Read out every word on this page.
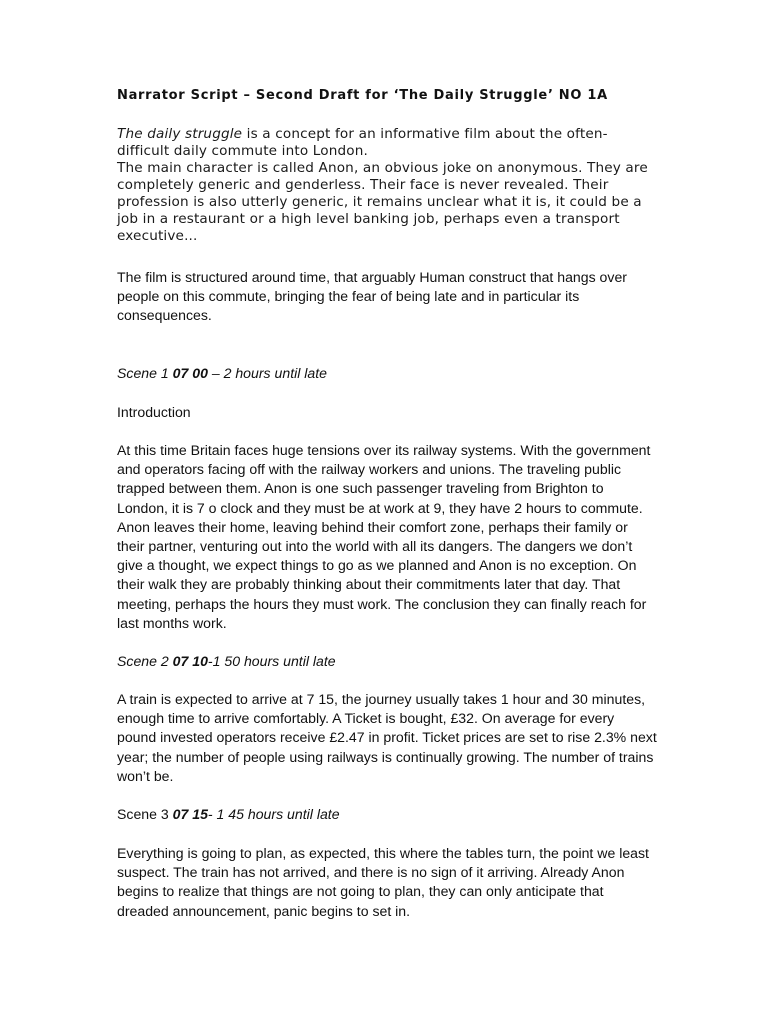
Narrator Script – Second Draft for ‘The Daily Struggle’ NO 1A

The daily struggle is a concept for an informative film about the often-difficult daily commute into London.

The main character is called Anon, an obvious joke on anonymous. They are completely generic and genderless. Their face is never revealed. Their profession is also utterly generic, it remains unclear what it is, it could be a job in a restaurant or a high level banking job, perhaps even a transport executive...

The film is structured around time, that arguably Human construct that hangs over people on this commute, bringing the fear of being late and in particular its consequences.

Scene 1 07 00 – 2 hours until late
Introduction

At this time Britain faces huge tensions over its railway systems. With the government and operators facing off with the railway workers and unions. The traveling public trapped between them. Anon is one such passenger traveling from Brighton to London, it is 7 o clock and they must be at work at 9, they have 2 hours to commute. Anon leaves their home, leaving behind their comfort zone, perhaps their family or their partner, venturing out into the world with all its dangers. The dangers we don’t give a thought, we expect things to go as we planned and Anon is no exception. On their walk they are probably thinking about their commitments later that day. That meeting, perhaps the hours they must work. The conclusion they can finally reach for last months work.

Scene 2 07 10-1 50 hours until late

A train is expected to arrive at 7 15, the journey usually takes 1 hour and 30 minutes, enough time to arrive comfortably. A Ticket is bought, £32. On average for every pound invested operators receive £2.47 in profit. Ticket prices are set to rise 2.3% next year; the number of people using railways is continually growing. The number of trains won’t be.

Scene 3 07 15- 1 45 hours until late

Everything is going to plan, as expected, this where the tables turn, the point we least suspect. The train has not arrived, and there is no sign of it arriving. Already Anon begins to realize that things are not going to plan, they can only anticipate that dreaded announcement, panic begins to set in.
